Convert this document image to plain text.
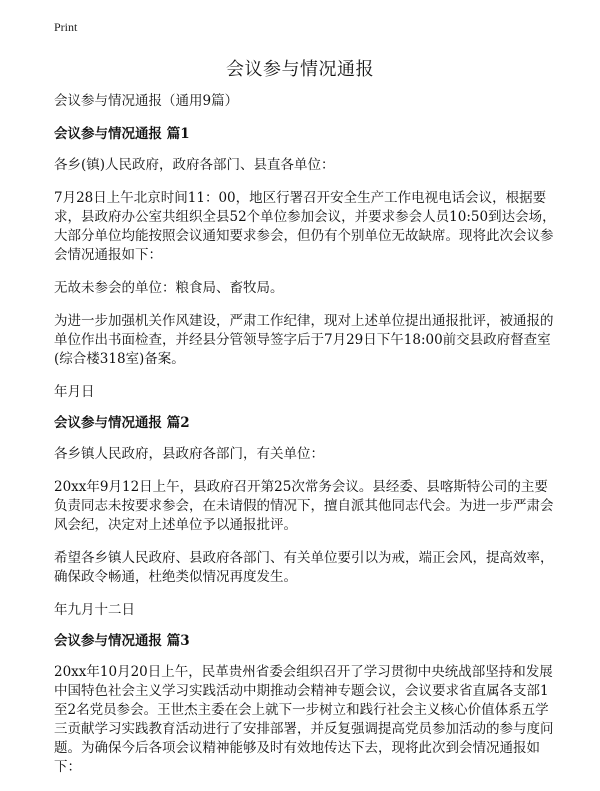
Print
会议参与情况通报

会议参与情况通报（通用9篇）

会议参与情况通报 篇1

各乡(镇)人民政府，政府各部门、县直各单位：

7月28日上午北京时间11：00，地区行署召开安全生产工作电视电话会议，根据要求，县政府办公室共组织全县52个单位参加会议，并要求参会人员10:50到达会场，大部分单位均能按照会议通知要求参会，但仍有个别单位无故缺席。现将此次会议参会情况通报如下：

无故未参会的单位：粮食局、畜牧局。

为进一步加强机关作风建设，严肃工作纪律，现对上述单位提出通报批评，被通报的单位作出书面检查，并经县分管领导签字后于7月29日下午18:00前交县政府督查室(综合楼318室)备案。

年月日

会议参与情况通报 篇2

各乡镇人民政府，县政府各部门，有关单位：

20xx年9月12日上午，县政府召开第25次常务会议。县经委、县喀斯特公司的主要负责同志未按要求参会，在未请假的情况下，擅自派其他同志代会。为进一步严肃会风会纪，决定对上述单位予以通报批评。

希望各乡镇人民政府、县政府各部门、有关单位要引以为戒，端正会风，提高效率，确保政令畅通，杜绝类似情况再度发生。

年九月十二日

会议参与情况通报 篇3

20xx年10月20日上午，民革贵州省委会组织召开了学习贯彻中央统战部坚持和发展中国特色社会主义学习实践活动中期推动会精神专题会议，会议要求省直属各支部1至2名党员参会。王世杰主委在会上就下一步树立和践行社会主义核心价值体系五学三贡献学习实践教育活动进行了安排部署，并反复强调提高党员参加活动的参与度问题。为确保今后各项会议精神能够及时有效地传达下去，现将此次到会情况通报如下：
